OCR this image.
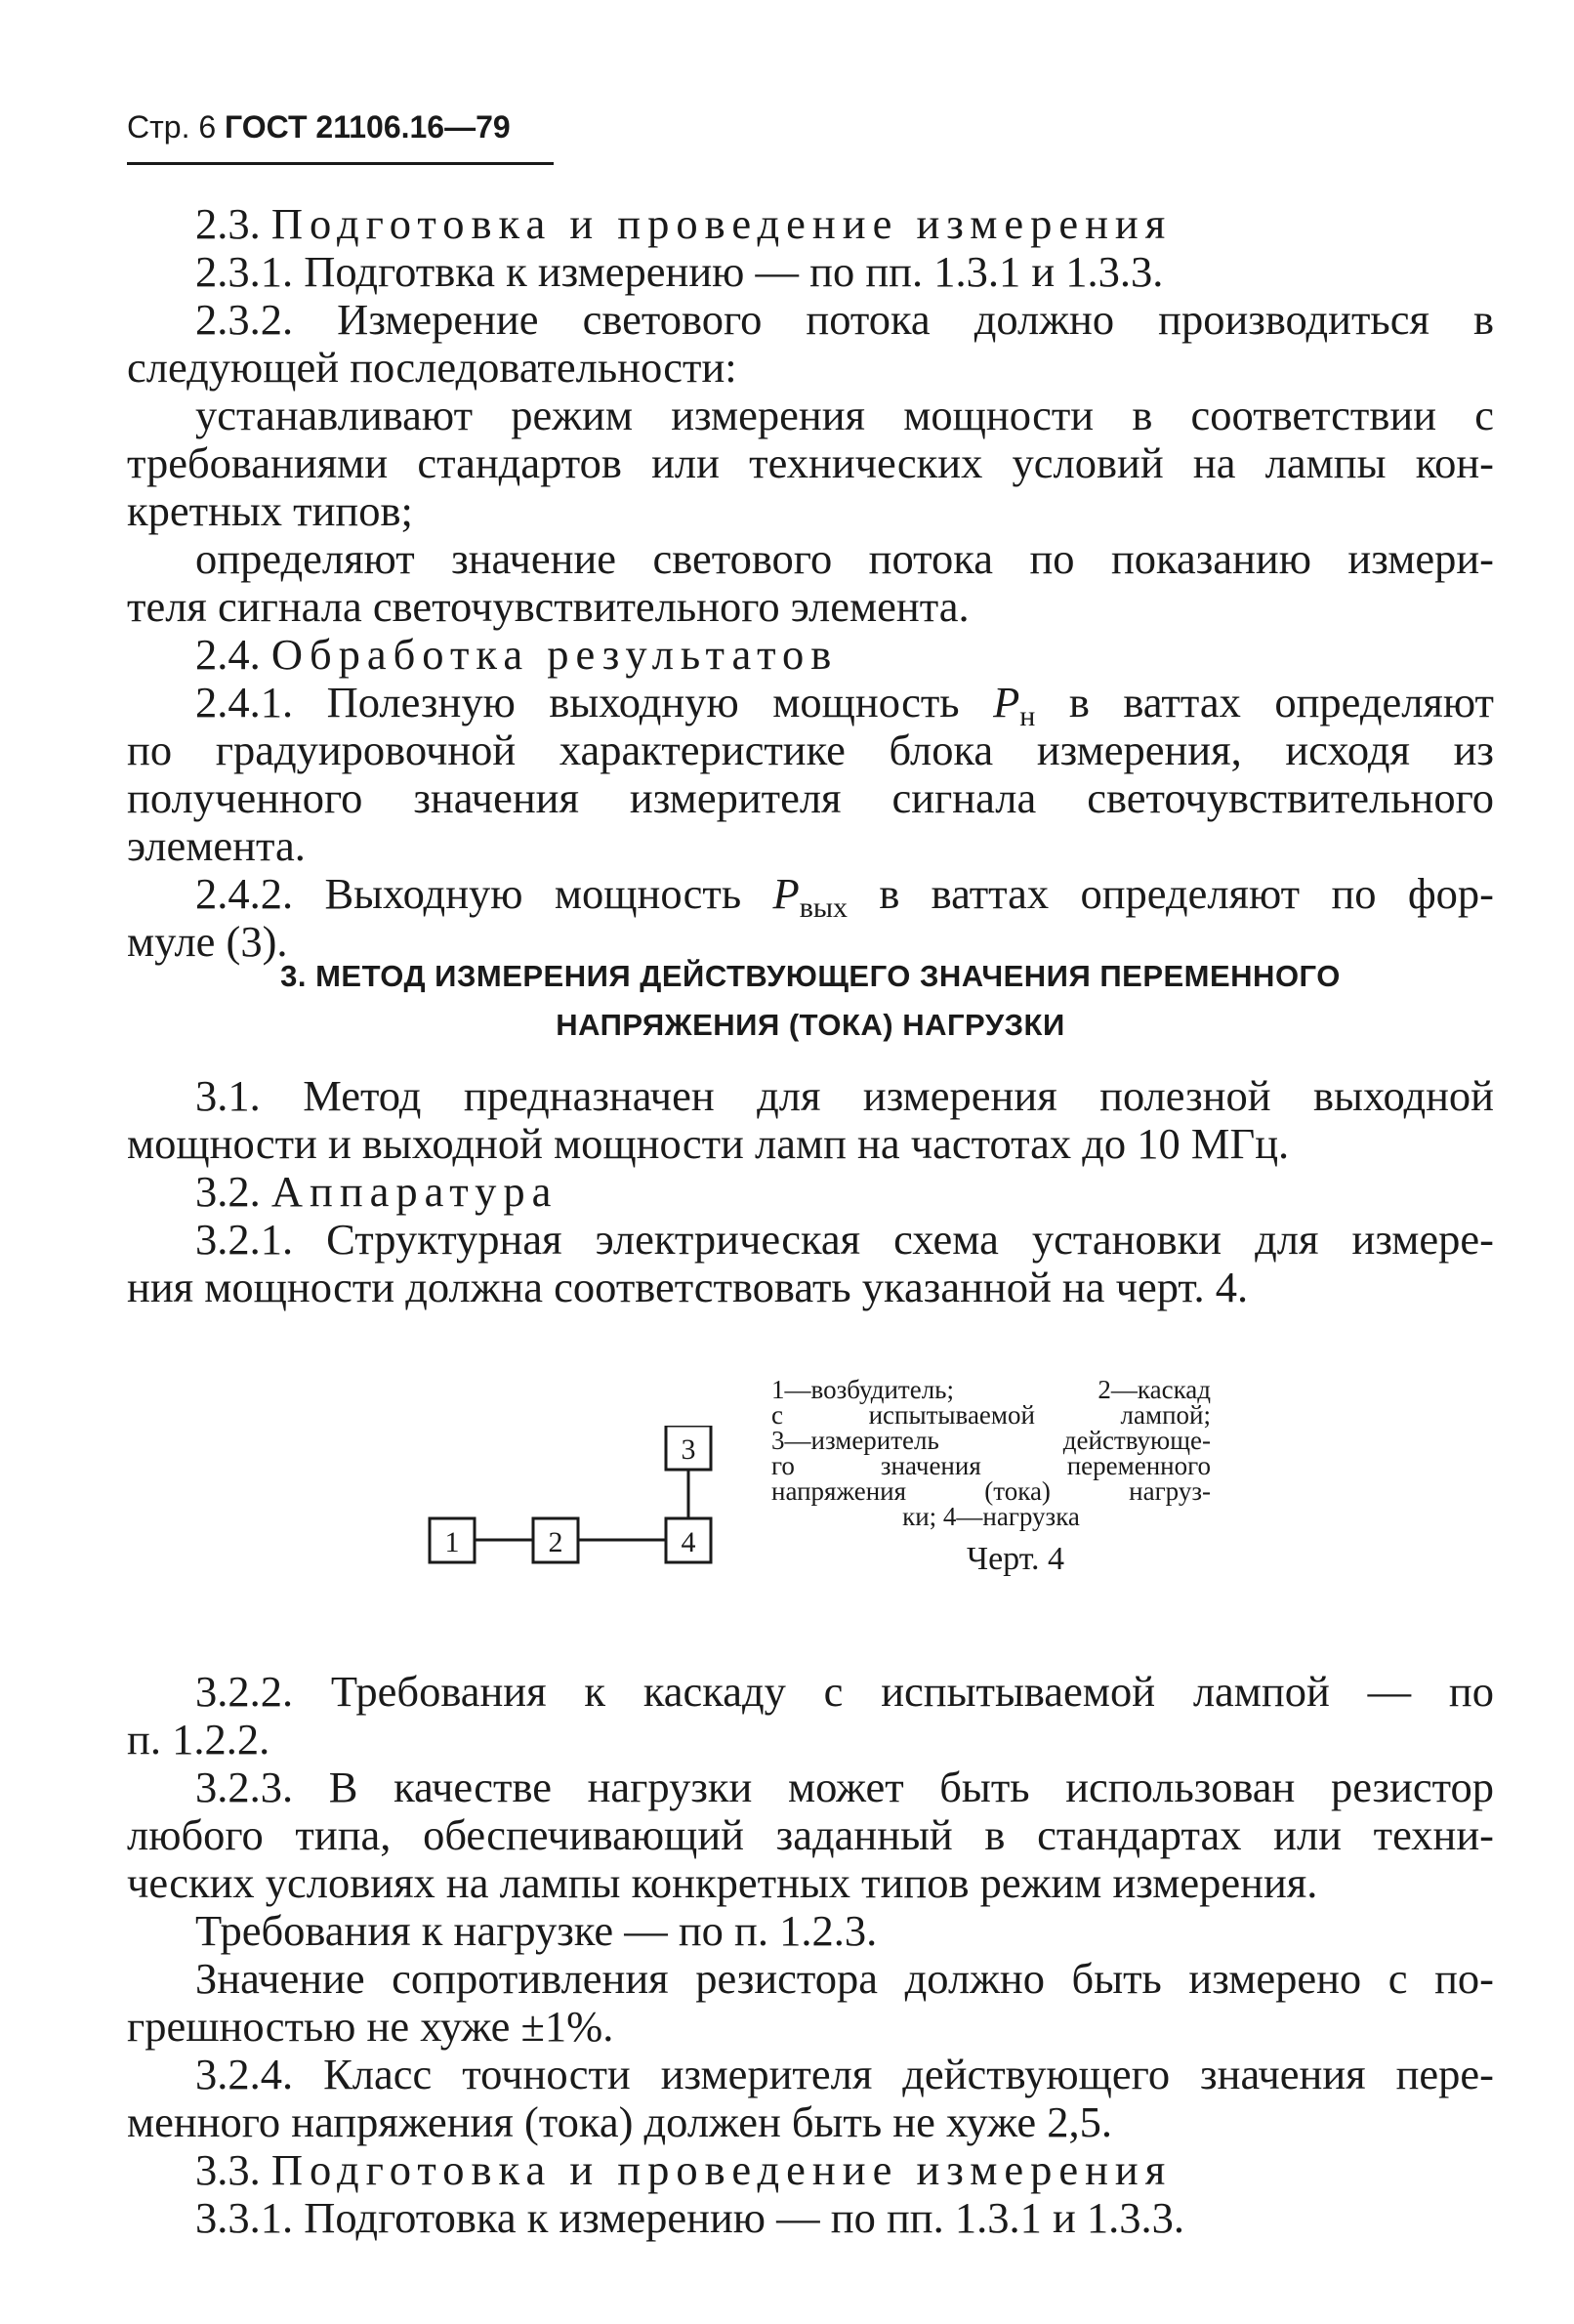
Стр. 6 ГОСТ 21106.16—79
2.3. Подготовка и проведение измерения
2.3.1. Подготвка к измерению — по пп. 1.3.1 и 1.3.3.
2.3.2. Измерение светового потока должно производиться в
следующей последовательности:
устанавливают режим измерения мощности в соответствии с
требованиями стандартов или технических условий на лампы кон-
кретных типов;
определяют значение светового потока по показанию измери-
теля сигнала светочувствительного элемента.
2.4. Обработка результатов
2.4.1. Полезную выходную мощность $P_н$ в ваттах определяют
по градуировочной характеристике блока измерения, исходя из
полученного значения измерителя сигнала светочувствительного
элемента.
2.4.2. Выходную мощность $P_{вых}$ в ваттах определяют по фор-
муле (3).
3. МЕТОД ИЗМЕРЕНИЯ ДЕЙСТВУЮЩЕГО ЗНАЧЕНИЯ ПЕРЕМЕННОГО
НАПРЯЖЕНИЯ (ТОКА) НАГРУЗКИ
3.1. Метод предназначен для измерения полезной выходной
мощности и выходной мощности ламп на частотах до 10 МГц.
3.2. Аппаратура
3.2.1. Структурная электрическая схема установки для измере-
ния мощности должна соответствовать указанной на черт. 4.
1	2	4
3
1—возбудитель; 2—каскад
с испытываемой лампой;
3—измеритель действующе-
го значения переменного
напряжения (тока) нагруз-
ки; 4—нагрузка
Черт. 4
3.2.2. Требования к каскаду с испытываемой лампой — по
п. 1.2.2.
3.2.3. В качестве нагрузки может быть использован резистор
любого типа, обеспечивающий заданный в стандартах или техни-
ческих условиях на лампы конкретных типов режим измерения.
Требования к нагрузке — по п. 1.2.3.
Значение сопротивления резистора должно быть измерено с по-
грешностью не хуже ±1%.
3.2.4. Класс точности измерителя действующего значения пере-
менного напряжения (тока) должен быть не хуже 2,5.
3.3. Подготовка и проведение измерения
3.3.1. Подготовка к измерению — по пп. 1.3.1 и 1.3.3.
